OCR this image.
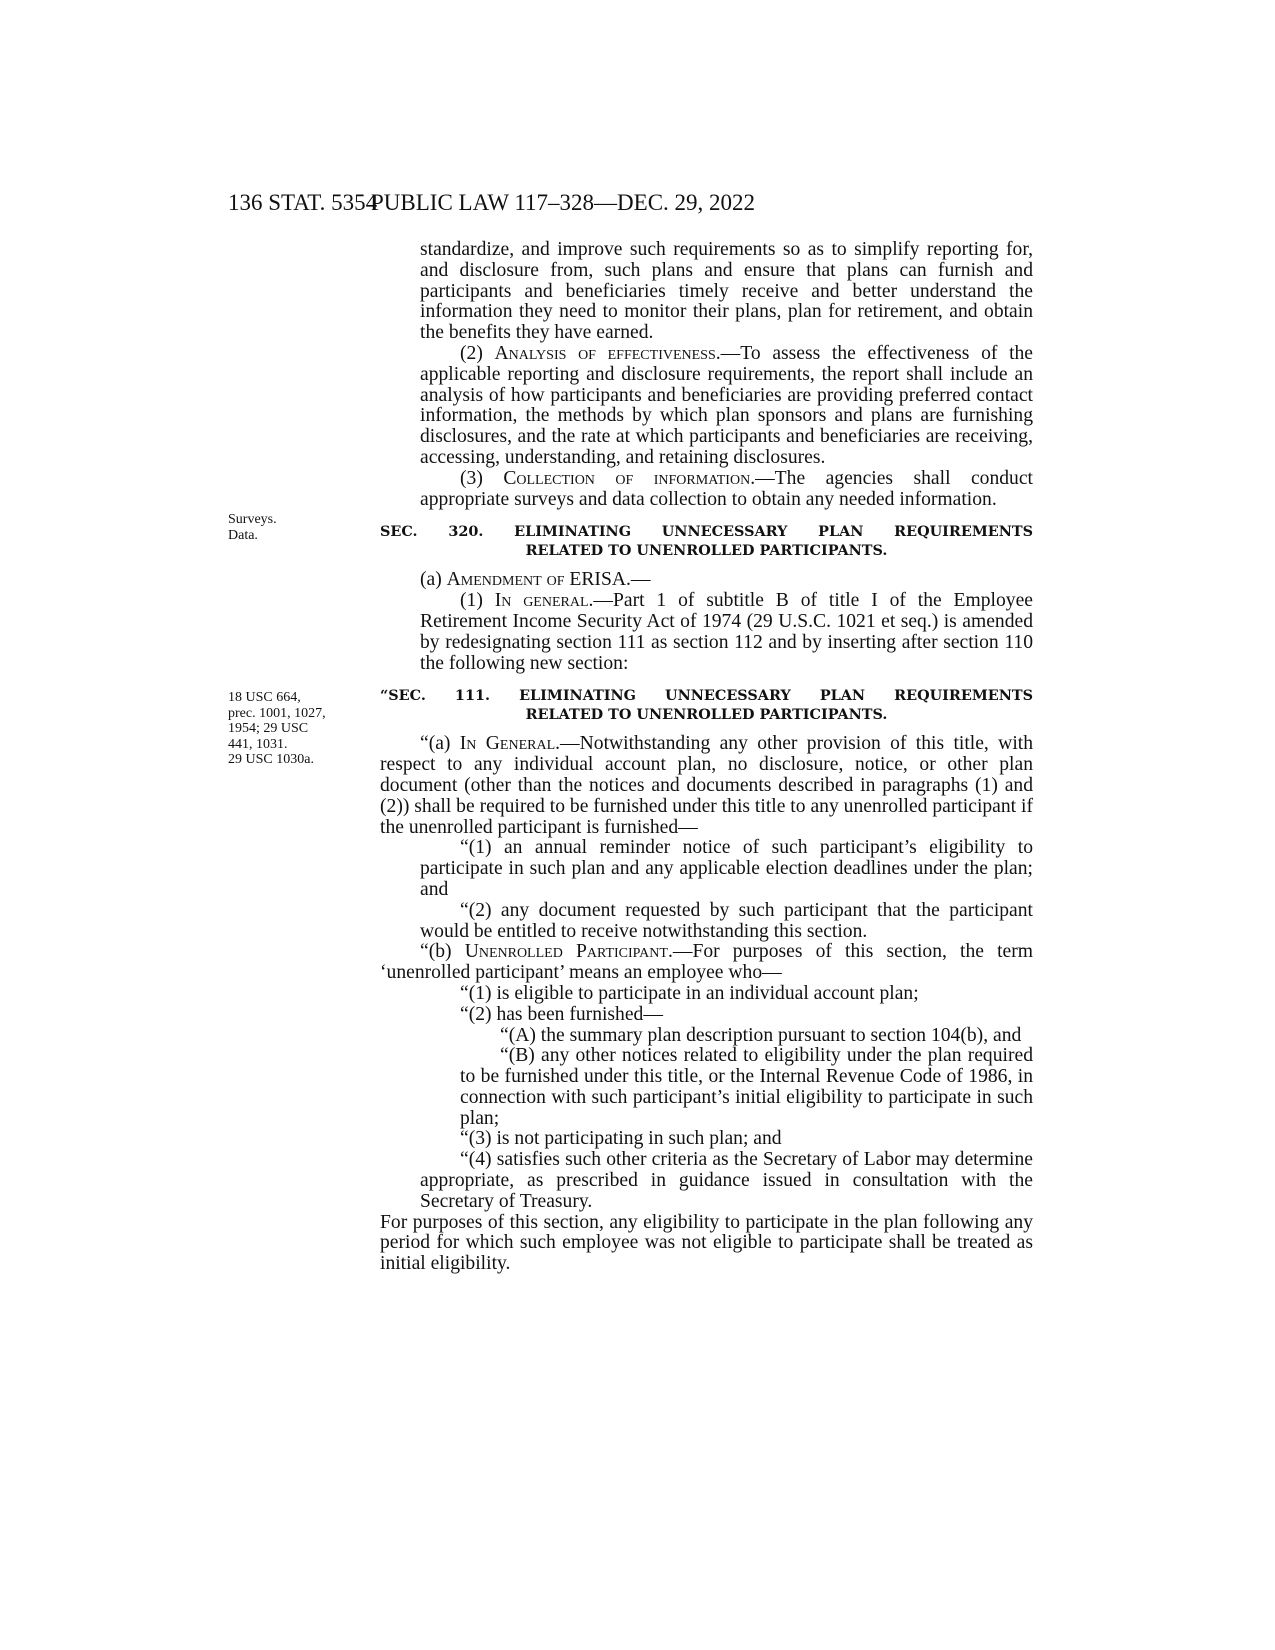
136 STAT. 5354
PUBLIC LAW 117–328—DEC. 29, 2022
Surveys.
Data.
18 USC 664,
prec. 1001, 1027,
1954; 29 USC
441, 1031.
29 USC 1030a.

standardize, and improve such requirements so as to simplify reporting for, and disclosure from, such plans and ensure that plans can furnish and participants and beneficiaries timely receive and better understand the information they need to monitor their plans, plan for retirement, and obtain the benefits they have earned.

(2) Analysis of effectiveness.—To assess the effectiveness of the applicable reporting and disclosure requirements, the report shall include an analysis of how participants and beneficiaries are providing preferred contact information, the methods by which plan sponsors and plans are furnishing disclosures, and the rate at which participants and beneficiaries are receiving, accessing, understanding, and retaining disclosures.

(3) Collection of information.—The agencies shall conduct appropriate surveys and data collection to obtain any needed information.

SEC. 320. ELIMINATING UNNECESSARY PLAN REQUIREMENTS
RELATED TO UNENROLLED PARTICIPANTS.

(a) Amendment of ERISA.—

(1) In general.—Part 1 of subtitle B of title I of the Employee Retirement Income Security Act of 1974 (29 U.S.C. 1021 et seq.) is amended by redesignating section 111 as section 112 and by inserting after section 110 the following new section:

“SEC. 111. ELIMINATING UNNECESSARY PLAN REQUIREMENTS
RELATED TO UNENROLLED PARTICIPANTS.

“(a) In General.—Notwithstanding any other provision of this title, with respect to any individual account plan, no disclosure, notice, or other plan document (other than the notices and documents described in paragraphs (1) and (2)) shall be required to be furnished under this title to any unenrolled participant if the unenrolled participant is furnished—

“(1) an annual reminder notice of such participant’s eligibility to participate in such plan and any applicable election deadlines under the plan; and

“(2) any document requested by such participant that the participant would be entitled to receive notwithstanding this section.

“(b) Unenrolled Participant.—For purposes of this section, the term ‘unenrolled participant’ means an employee who—

“(1) is eligible to participate in an individual account plan;

“(2) has been furnished—

“(A) the summary plan description pursuant to section 104(b), and

“(B) any other notices related to eligibility under the plan required to be furnished under this title, or the Internal Revenue Code of 1986, in connection with such participant’s initial eligibility to participate in such plan;

“(3) is not participating in such plan; and

“(4) satisfies such other criteria as the Secretary of Labor may determine appropriate, as prescribed in guidance issued in consultation with the Secretary of Treasury.

For purposes of this section, any eligibility to participate in the plan following any period for which such employee was not eligible to participate shall be treated as initial eligibility.
